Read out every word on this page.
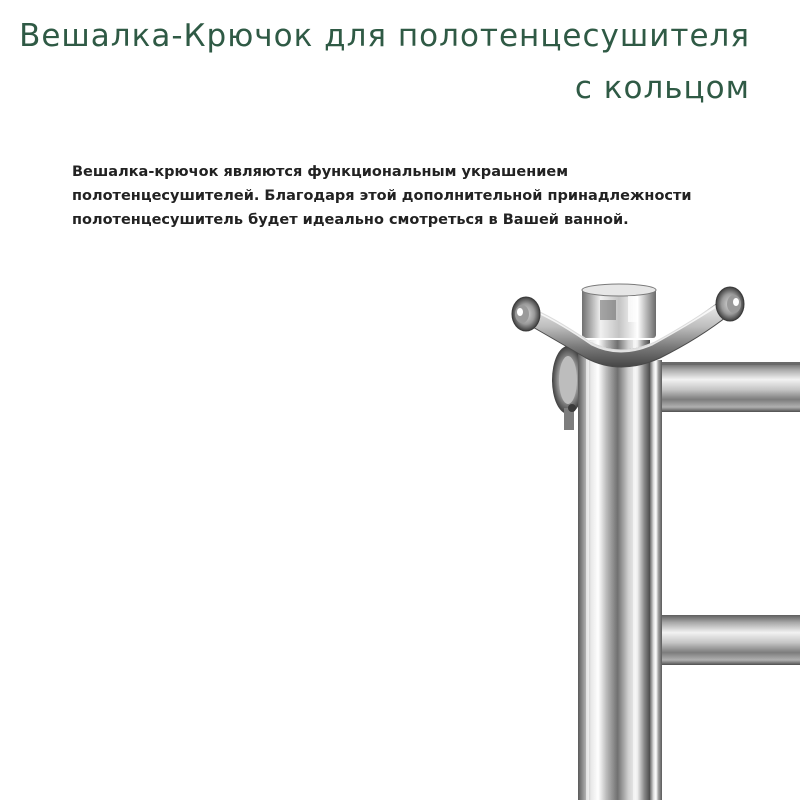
Вешалка-Крючок для полотенцесушителя
с кольцом

Вешалка-крючок являются функциональным украшением полотенцесушителей. Благодаря этой дополнительной принадлежности полотенцесушитель будет идеально смотреться в Вашей ванной.
